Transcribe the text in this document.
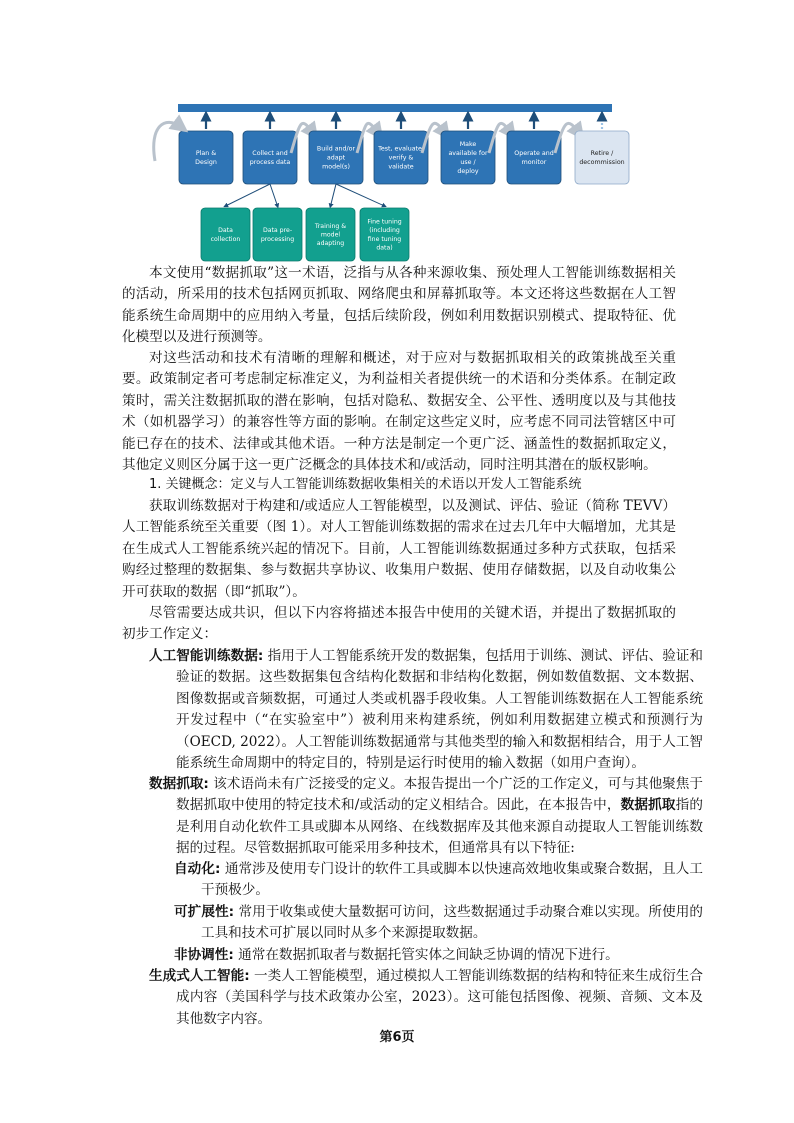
Plan & Design
Collect and process data
Build and/or adapt model(s)
Test, evaluate, verify & validate
Make available for use / deploy
Operate and monitor
Retire / decommission
Data collection
Data pre-processing
Training & model adapting
Fine tuning (including fine tuning data)
本文使用“数据抓取”这一术语，泛指与从各种来源收集、预处理人工智能训练数据相关的活动，所采用的技术包括网页抓取、网络爬虫和屏幕抓取等。本文还将这些数据在人工智能系统生命周期中的应用纳入考量，包括后续阶段，例如利用数据识别模式、提取特征、优化模型以及进行预测等。
对这些活动和技术有清晰的理解和概述，对于应对与数据抓取相关的政策挑战至关重要。政策制定者可考虑制定标准定义，为利益相关者提供统一的术语和分类体系。在制定政策时，需关注数据抓取的潜在影响，包括对隐私、数据安全、公平性、透明度以及与其他技术（如机器学习）的兼容性等方面的影响。在制定这些定义时，应考虑不同司法管辖区中可能已存在的技术、法律或其他术语。一种方法是制定一个更广泛、涵盖性的数据抓取定义，其他定义则区分属于这一更广泛概念的具体技术和/或活动，同时注明其潜在的版权影响。
1. 关键概念：定义与人工智能训练数据收集相关的术语以开发人工智能系统
获取训练数据对于构建和/或适应人工智能模型，以及测试、评估、验证（简称 TEVV）人工智能系统至关重要（图 1）。对人工智能训练数据的需求在过去几年中大幅增加，尤其是在生成式人工智能系统兴起的情况下。目前，人工智能训练数据通过多种方式获取，包括采购经过整理的数据集、参与数据共享协议、收集用户数据、使用存储数据，以及自动收集公开可获取的数据（即“抓取”）。
尽管需要达成共识，但以下内容将描述本报告中使用的关键术语，并提出了数据抓取的初步工作定义：
人工智能训练数据: 指用于人工智能系统开发的数据集，包括用于训练、测试、评估、验证和验证的数据。这些数据集包含结构化数据和非结构化数据，例如数值数据、文本数据、图像数据或音频数据，可通过人类或机器手段收集。人工智能训练数据在人工智能系统开发过程中（“在实验室中”）被利用来构建系统，例如利用数据建立模式和预测行为（OECD, 2022）。人工智能训练数据通常与其他类型的输入和数据相结合，用于人工智能系统生命周期中的特定目的，特别是运行时使用的输入数据（如用户查询）。
数据抓取: 该术语尚未有广泛接受的定义。本报告提出一个广泛的工作定义，可与其他聚焦于数据抓取中使用的特定技术和/或活动的定义相结合。因此，在本报告中，数据抓取指的是利用自动化软件工具或脚本从网络、在线数据库及其他来源自动提取人工智能训练数据的过程。尽管数据抓取可能采用多种技术，但通常具有以下特征:
自动化: 通常涉及使用专门设计的软件工具或脚本以快速高效地收集或聚合数据，且人工干预极少。
可扩展性: 常用于收集或使大量数据可访问，这些数据通过手动聚合难以实现。所使用的工具和技术可扩展以同时从多个来源提取数据。
非协调性: 通常在数据抓取者与数据托管实体之间缺乏协调的情况下进行。
生成式人工智能: 一类人工智能模型，通过模拟人工智能训练数据的结构和特征来生成衍生合成内容（美国科学与技术政策办公室，2023）。这可能包括图像、视频、音频、文本及其他数字内容。
第6页
